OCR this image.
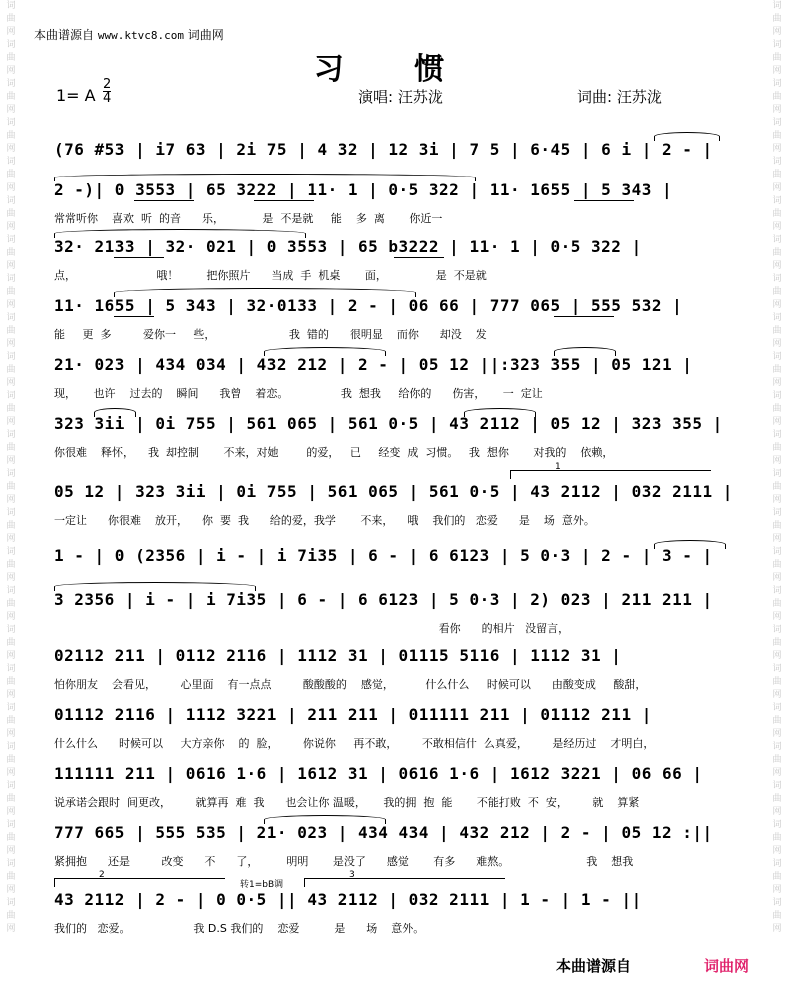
词曲网词曲网词曲网词曲网词曲网词曲网词曲网词曲网词曲网词曲网词曲网词曲网词曲网词曲网词曲网词曲网词曲网词曲网词曲网词曲网词曲网词曲网词曲网词曲网
词曲网词曲网词曲网词曲网词曲网词曲网词曲网词曲网词曲网词曲网词曲网词曲网词曲网词曲网词曲网词曲网词曲网词曲网词曲网词曲网词曲网词曲网词曲网词曲网
本曲谱源自 www.ktvc8.com 词曲网
习 惯
1= A
2
4	演唱: 汪苏泷	词曲: 汪苏泷
(76 #53 | i7 63 | 2i 75 | 4 32 | 12 3i | 7 5 | 6·45 | 6 i | 2 - |
2 -)| 0 3553 | 65 3222 | 11· 1 | 0·5 322 | 11· 1655 | 5 343 |
常常听你    喜欢  听  的音      乐，           是  不是就     能    多  离       你近一
32· 2133 | 32· 021 | 0 3553 | 65 b3222 | 11· 1 | 0·5 322 |
点，                       哦！        把你照片      当成  手  机桌       面，              是  不是就
11· 1655 | 5 343 | 32·0133 | 2 - | 06 66 | 777 065 | 555 532 |
能     更  多         爱你一     些，                     我  错的      很明显    而你      却没    发
21· 023 | 434 034 | 432 212 | 2 - | 05 12 ||:323 355 | 05 121 |
现，     也许    过去的    瞬间      我曾    着恋。               我  想我     给你的      伤害，     一  定让
323 3ii | 0i 755 | 561 065 | 561 0·5 | 43 2112 | 05 12 | 323 355 |
你很难    释怀，    我  却控制       不来，对她        的爱，   已     经变  成  习惯。   我  想你       对我的    依赖，
05 12 | 323 3ii | 0i 755 | 561 065 | 561 0·5 | 43 2112 | 032 2111 |
一定让      你很难    放开，    你  要  我      给的爱，我学       不来，    哦    我们的   恋爱      是    场  意外。
1
1 - | 0 (2356 | i - | i 7i35 | 6 - | 6 6123 | 5 0·3 | 2 - | 3 - |
3 2356 | i - | i 7i35 | 6 - | 6 6123 | 5 0·3 | 2) 023 | 211 211 |
看你      的相片   没留言，
02112 211 | 0112 2116 | 1112 31 | 01115 5116 | 1112 31 |
怕你朋友    会看见，       心里面    有一点点         酸酸酸的    感觉，         什么什么     时候可以      由酸变成     酸甜，
01112 2116 | 1112 3221 | 211 211 | 011111 211 | 01112 211 |
什么什么      时候可以     大方亲你    的  脸，       你说你     再不敢，       不敢相信什  么真爱，       是经历过    才明白，
111111 211 | 0616 1·6 | 1612 31 | 0616 1·6 | 1612 3221 | 06 66 |
说承诺会跟时  间更改，       就算再  难  我      也会让你 温暖，     我的拥  抱  能       不能打败  不  安，       就    算紧
777 665 | 555 535 | 21· 023 | 434 434 | 432 212 | 2 - | 05 12 :||
紧拥抱      还是         改变      不      了，        明明       是没了      感觉       有多      难熬。                      我    想我
43 2112 | 2 - | 0 0·5 || 43 2112 | 032 2111 | 1 - | 1 - ||
我们的   恋爱。                  我 D.S 我们的    恋爱          是      场    意外。
2	3
转1=bB调
本曲谱源自	词曲网
